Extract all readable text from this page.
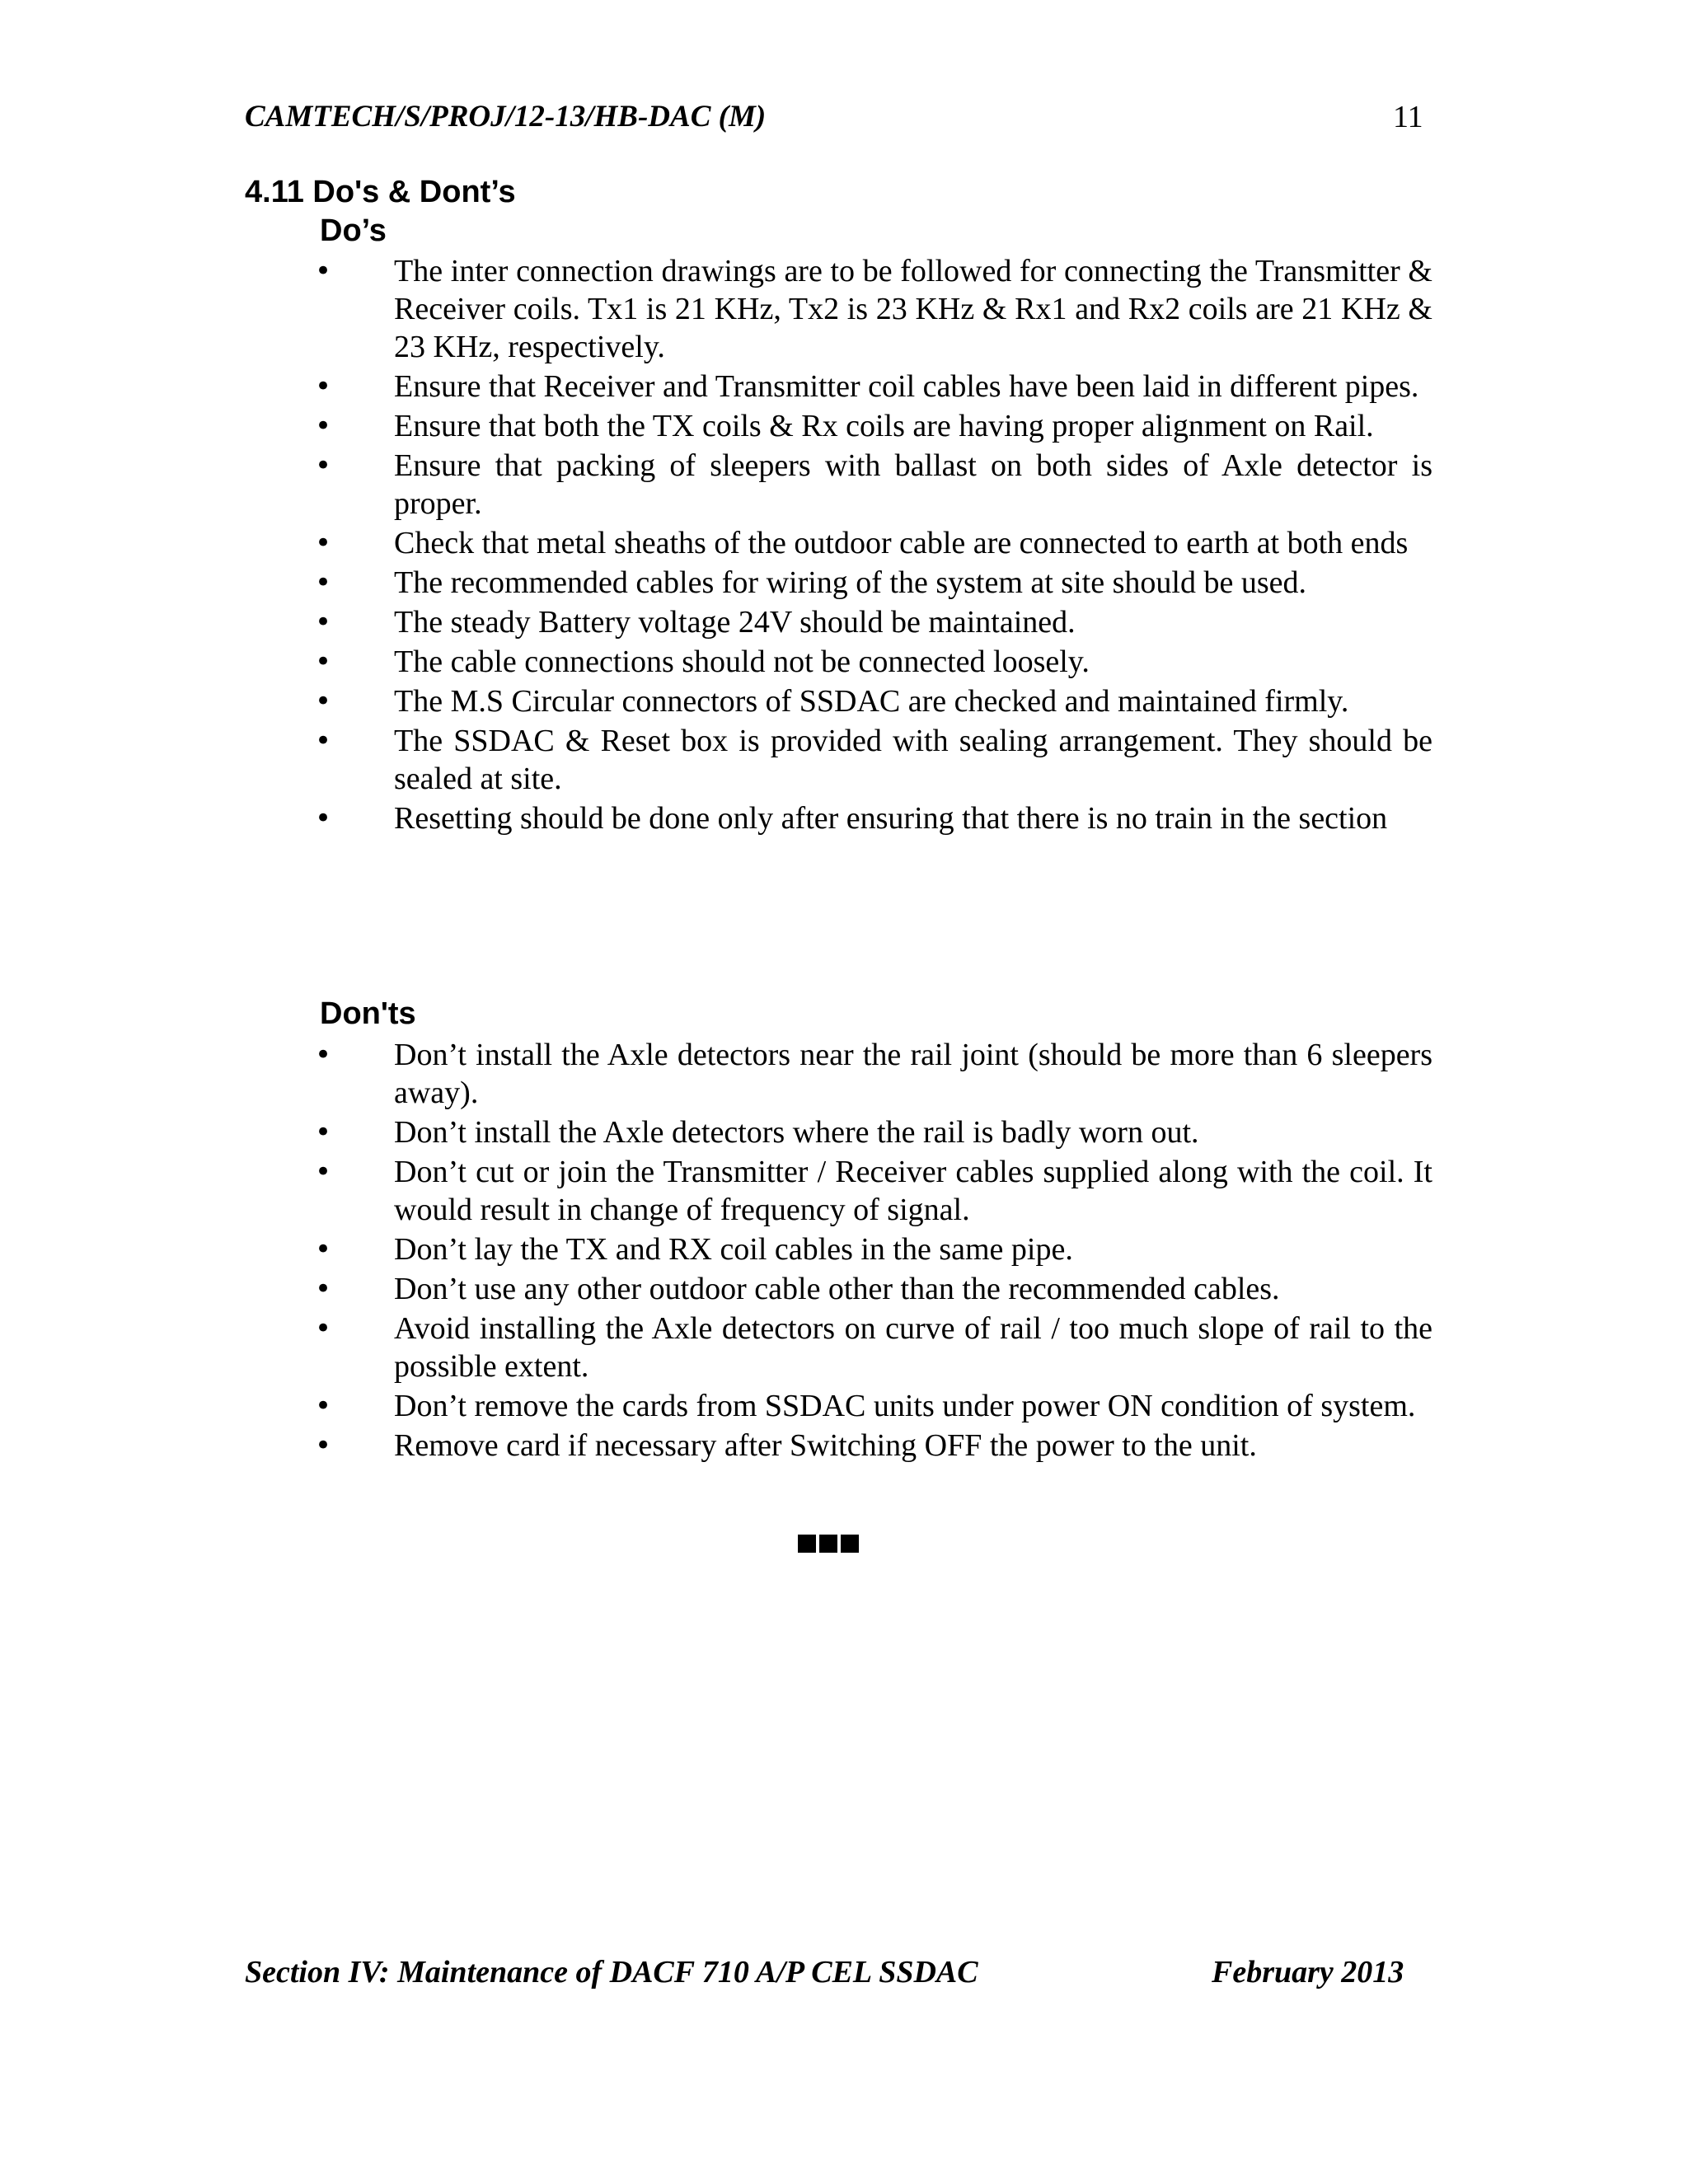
CAMTECH/S/PROJ/12-13/HB-DAC (M)	11
4.11 Do's & Dont’s
Do’s
• The inter connection drawings are to be followed for connecting the Transmitter & Receiver coils. Tx1 is 21 KHz, Tx2 is 23 KHz & Rx1 and Rx2 coils are 21 KHz & 23 KHz, respectively.
• Ensure that Receiver and Transmitter coil cables have been laid in different pipes.
• Ensure that both the TX coils & Rx coils are having proper alignment on Rail.
• Ensure that packing of sleepers with ballast on both sides of Axle detector is proper.
• Check that metal sheaths of the outdoor cable are connected to earth at both ends
• The recommended cables for wiring of the system at site should be used.
• The steady Battery voltage 24V should be maintained.
• The cable connections should not be connected loosely.
• The M.S Circular connectors of SSDAC are checked and maintained firmly.
• The SSDAC & Reset box is provided with sealing arrangement. They should be sealed at site.
• Resetting should be done only after ensuring that there is no train in the section
Don'ts
• Don’t install the Axle detectors near the rail joint (should be more than 6 sleepers away).
• Don’t install the Axle detectors where the rail is badly worn out.
• Don’t cut or join the Transmitter / Receiver cables supplied along with the coil. It would result in change of frequency of signal.
• Don’t lay the TX and RX coil cables in the same pipe.
• Don’t use any other outdoor cable other than the recommended cables.
• Avoid installing the Axle detectors on curve of rail / too much slope of rail to the possible extent.
• Don’t remove the cards from SSDAC units under power ON condition of system.
• Remove card if necessary after Switching OFF the power to the unit.
Section IV: Maintenance of DACF 710 A/P CEL SSDAC	February 2013
